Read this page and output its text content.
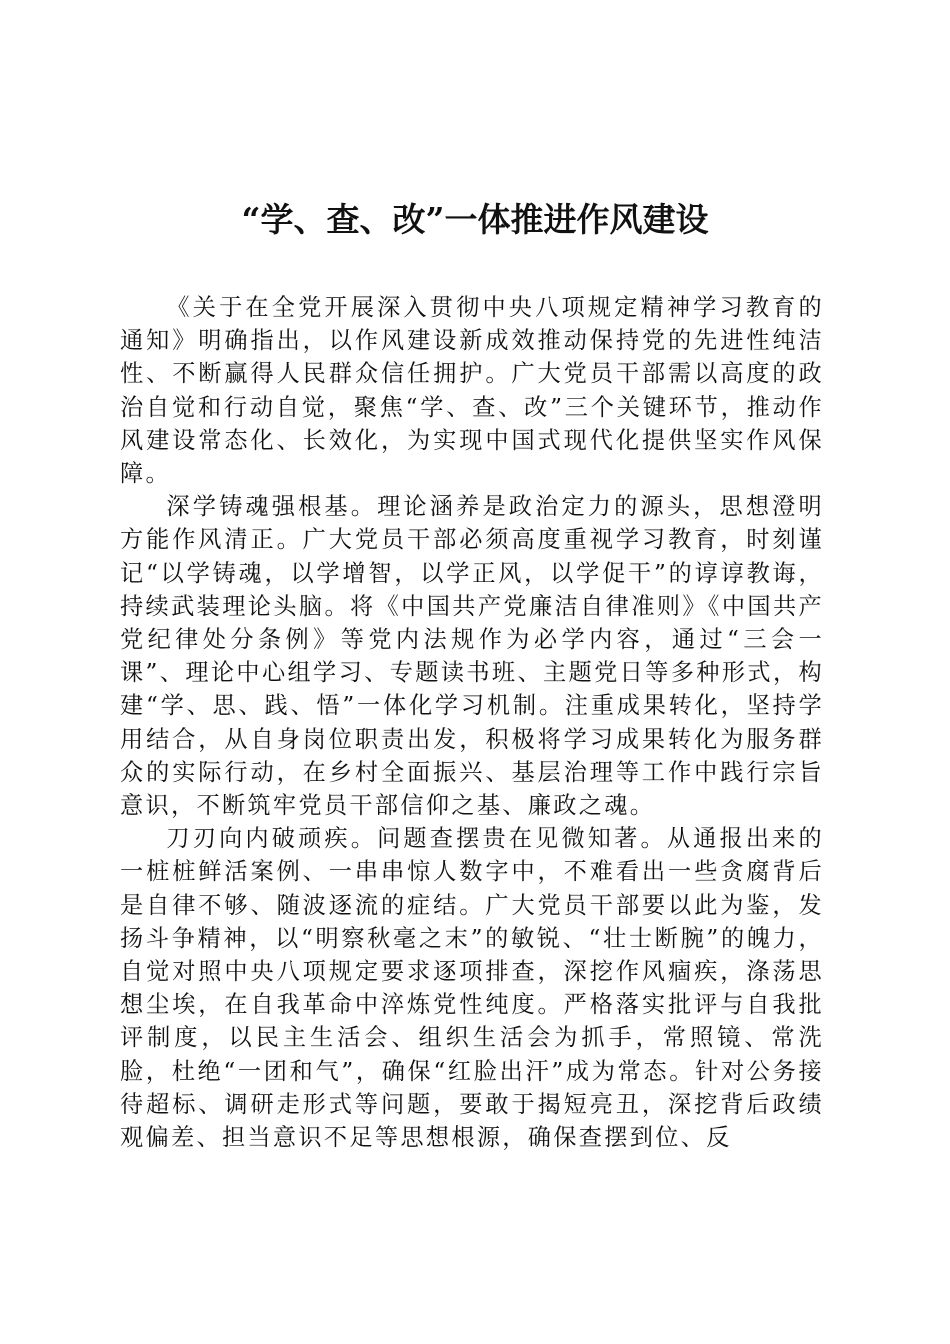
“学、查、改”一体推进作风建设

《关于在全党开展深入贯彻中央八项规定精神学习教育的通知》明确指出，以作风建设新成效推动保持党的先进性纯洁性、不断赢得人民群众信任拥护。广大党员干部需以高度的政治自觉和行动自觉，聚焦“学、查、改”三个关键环节，推动作风建设常态化、长效化，为实现中国式现代化提供坚实作风保障。

深学铸魂强根基。理论涵养是政治定力的源头，思想澄明方能作风清正。广大党员干部必须高度重视学习教育，时刻谨记“以学铸魂，以学增智，以学正风，以学促干”的谆谆教诲，持续武装理论头脑。将《中国共产党廉洁自律准则》《中国共产党纪律处分条例》等党内法规作为必学内容，通过“三会一课”、理论中心组学习、专题读书班、主题党日等多种形式，构建“学、思、践、悟”一体化学习机制。注重成果转化，坚持学用结合，从自身岗位职责出发，积极将学习成果转化为服务群众的实际行动，在乡村全面振兴、基层治理等工作中践行宗旨意识，不断筑牢党员干部信仰之基、廉政之魂。

刀刃向内破顽疾。问题查摆贵在见微知著。从通报出来的一桩桩鲜活案例、一串串惊人数字中，不难看出一些贪腐背后是自律不够、随波逐流的症结。广大党员干部要以此为鉴，发扬斗争精神，以“明察秋毫之末”的敏锐、“壮士断腕”的魄力，自觉对照中央八项规定要求逐项排查，深挖作风痼疾，涤荡思想尘埃，在自我革命中淬炼党性纯度。严格落实批评与自我批评制度，以民主生活会、组织生活会为抓手，常照镜、常洗脸，杜绝“一团和气”，确保“红脸出汗”成为常态。针对公务接待超标、调研走形式等问题，要敢于揭短亮丑，深挖背后政绩观偏差、担当意识不足等思想根源，确保查摆到位、反
